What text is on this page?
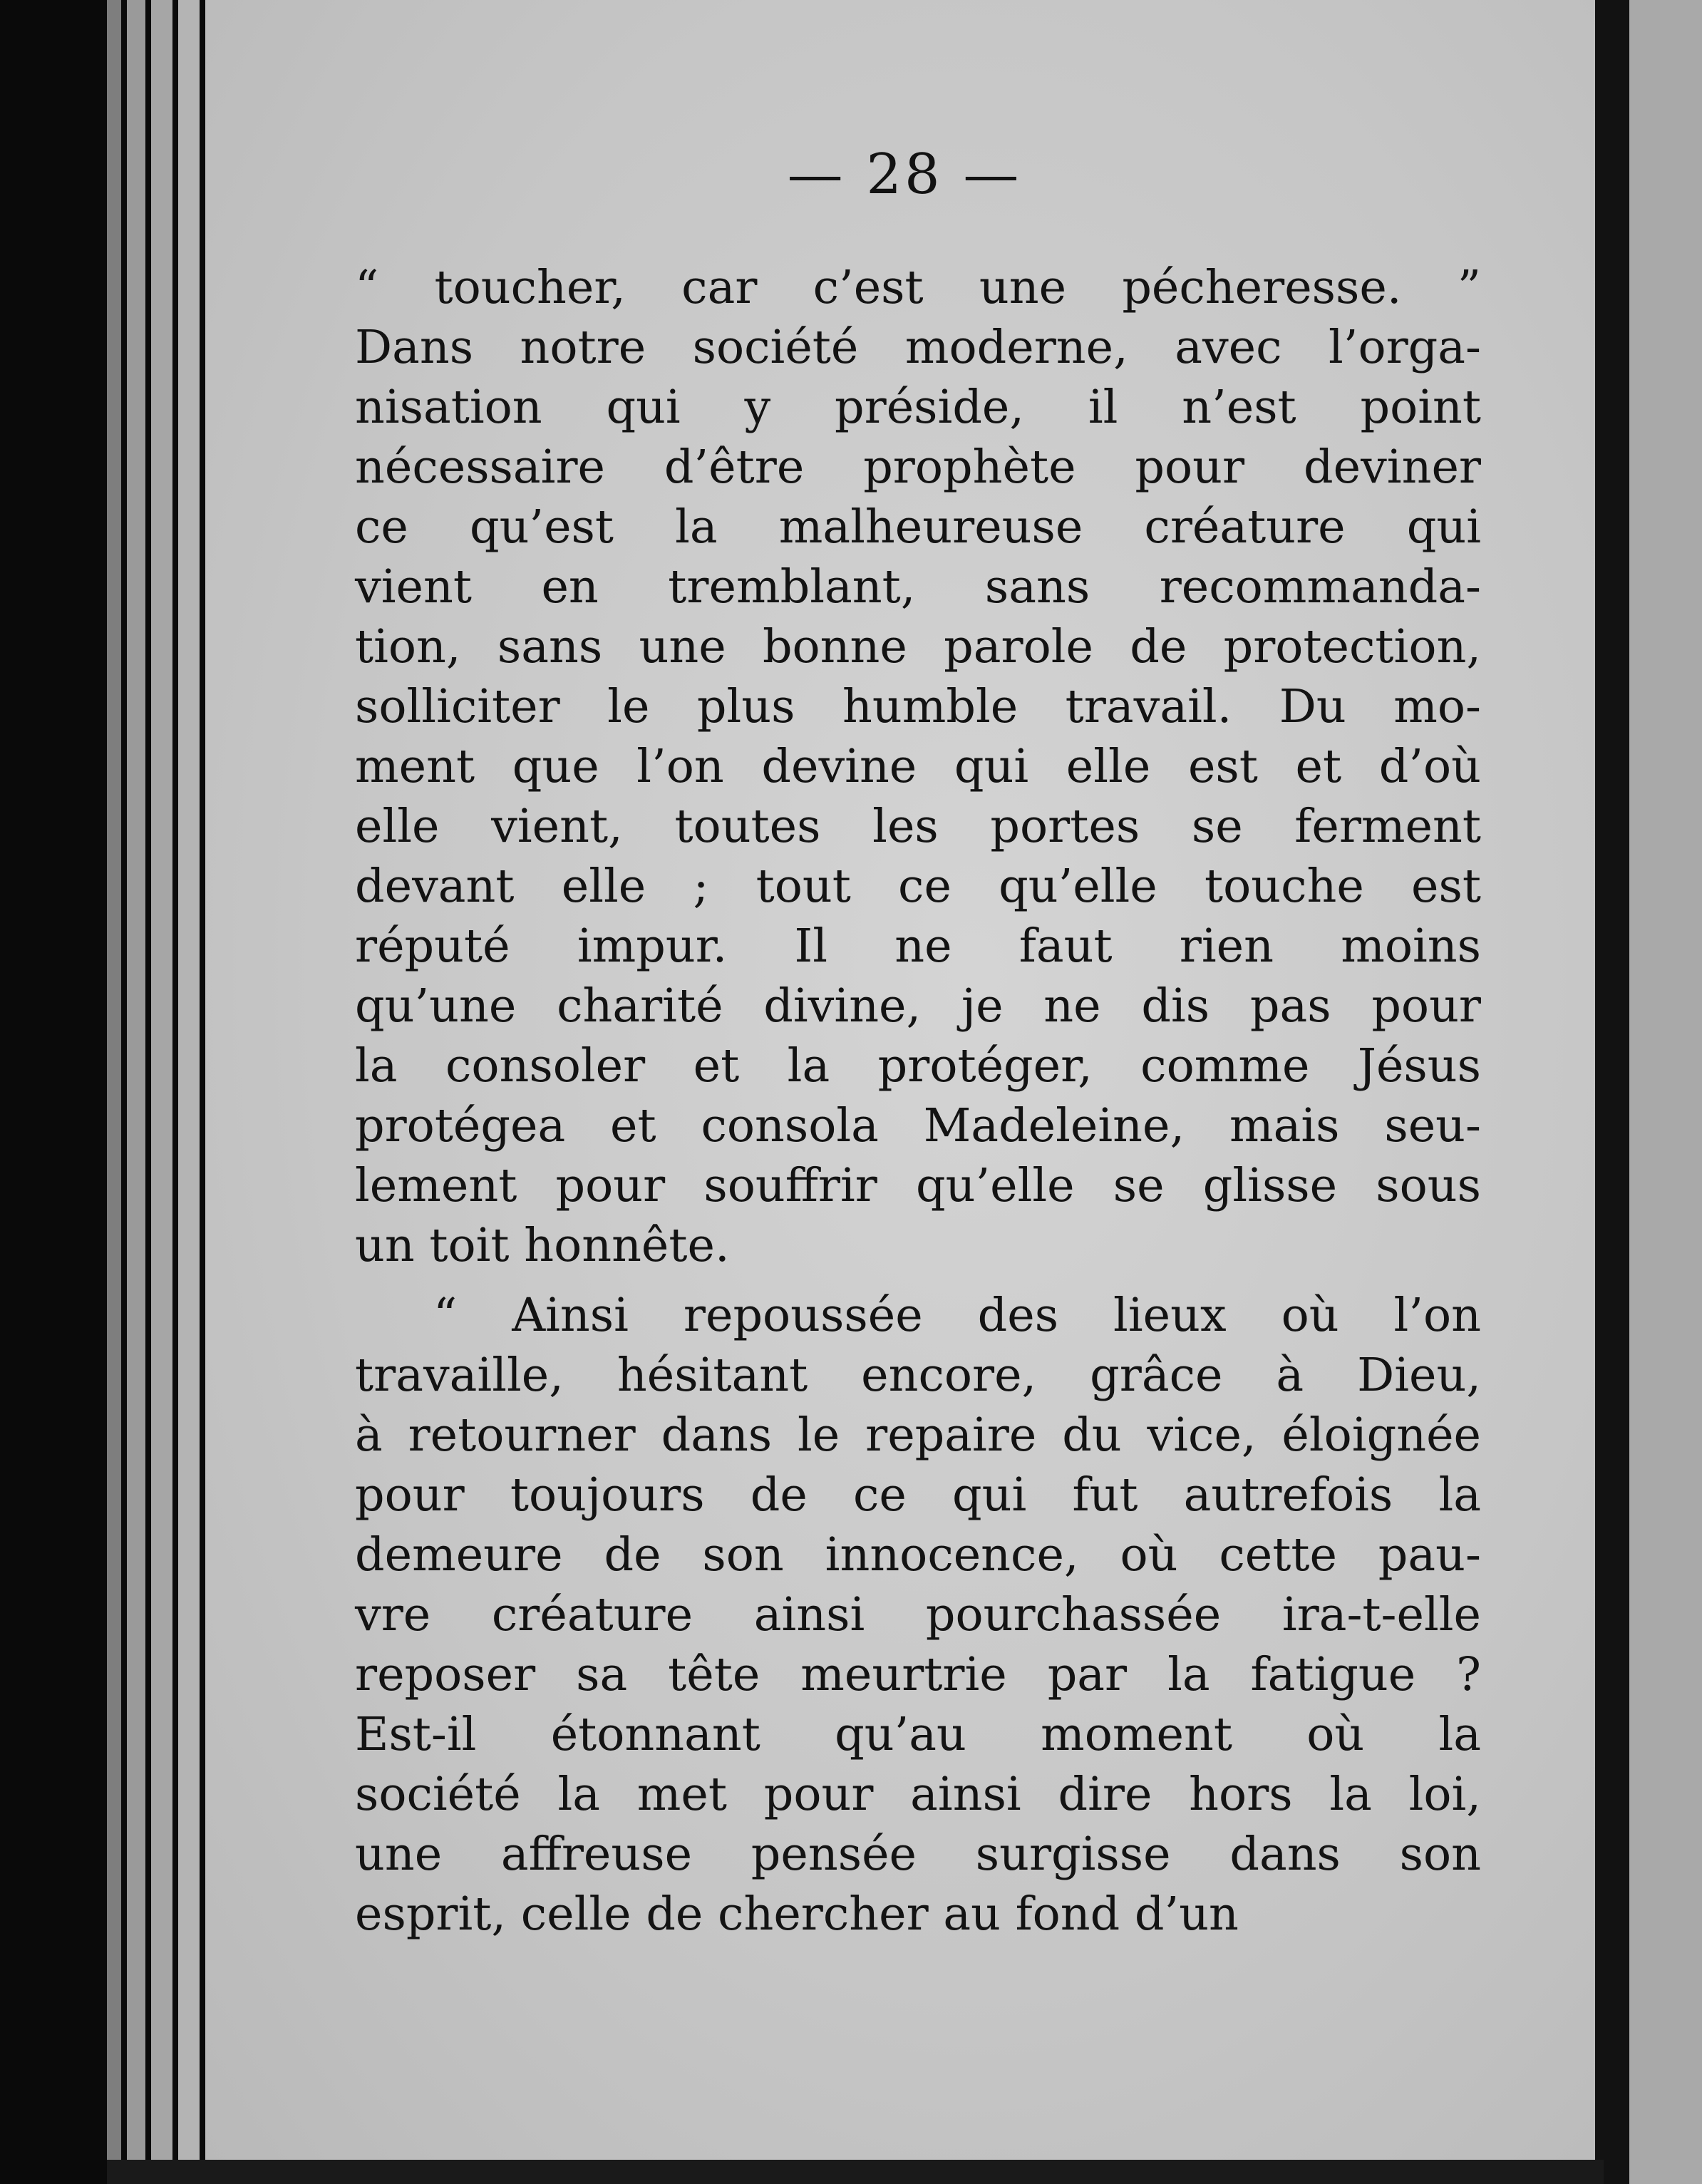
— 28 —
“ toucher, car c’est une pécheresse. ”
Dans notre société moderne, avec l’orga-
nisation qui y préside, il n’est point
nécessaire d’être prophète pour deviner
ce qu’est la malheureuse créature qui
vient en tremblant, sans recommanda-
tion, sans une bonne parole de protection,
solliciter le plus humble travail. Du mo-
ment que l’on devine qui elle est et d’où
elle vient, toutes les portes se ferment
devant elle ; tout ce qu’elle touche est
réputé impur. Il ne faut rien moins
qu’une charité divine, je ne dis pas pour
la consoler et la protéger, comme Jésus
protégea et consola Madeleine, mais seu-
lement pour souffrir qu’elle se glisse sous
un toit honnête.
“ Ainsi repoussée des lieux où l’on
travaille, hésitant encore, grâce à Dieu,
à retourner dans le repaire du vice, éloignée
pour toujours de ce qui fut autrefois la
demeure de son innocence, où cette pau-
vre créature ainsi pourchassée ira-t-elle
reposer sa tête meurtrie par la fatigue ?
Est-il étonnant qu’au moment où la
société la met pour ainsi dire hors la loi,
une affreuse pensée surgisse dans son
esprit, celle de chercher au fond d’un
